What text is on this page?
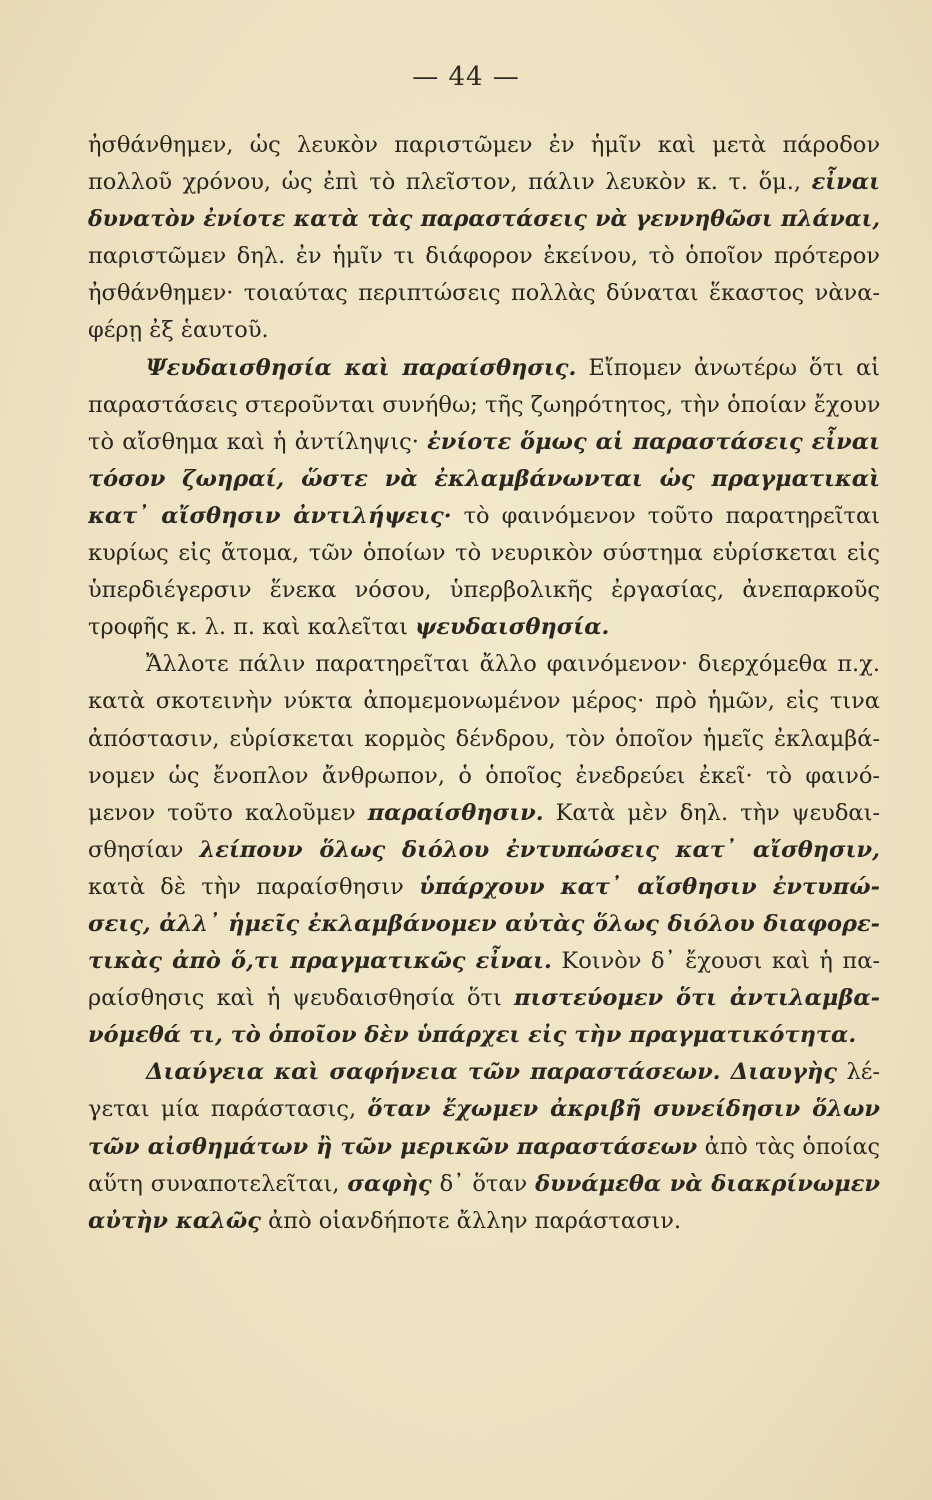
— 44 —
ἠσθάνθημεν, ὡς λευκὸν παριστῶμεν ἐν ἡμῖν καὶ μετὰ πάροδον
πολλοῦ χρόνου, ὡς ἐπὶ τὸ πλεῖστον, πάλιν λευκὸν κ. τ. ὅμ., εἶναι
δυνατὸν ἐνίοτε κατὰ τὰς παραστάσεις νὰ γεννηθῶσι πλάναι,
παριστῶμεν δηλ. ἐν ἡμῖν τι διάφορον ἐκείνου, τὸ ὁποῖον πρότερον
ἠσθάνθημεν· τοιαύτας περιπτώσεις πολλὰς δύναται ἕκαστος νὰνα-
φέρῃ ἐξ ἑαυτοῦ.
Ψευδαισθησία καὶ παραίσθησις. Εἴπομεν ἀνωτέρω ὅτι αἱ
παραστάσεις στεροῦνται συνήθω; τῆς ζωηρότητος, τὴν ὁποίαν ἔχουν
τὸ αἴσθημα καὶ ἡ ἀντίληψις· ἐνίοτε ὅμως αἱ παραστάσεις εἶναι
τόσον ζωηραί, ὥστε νὰ ἐκλαμβάνωνται ὡς πραγματικαὶ
κατ᾽ αἴσθησιν ἀντιλήψεις· τὸ φαινόμενον τοῦτο παρατηρεῖται
κυρίως εἰς ἄτομα, τῶν ὁποίων τὸ νευρικὸν σύστημα εὑρίσκεται εἰς
ὑπερδιέγερσιν ἕνεκα νόσου, ὑπερβολικῆς ἐργασίας, ἀνεπαρκοῦς
τροφῆς κ. λ. π. καὶ καλεῖται ψευδαισθησία.
Ἄλλοτε πάλιν παρατηρεῖται ἄλλο φαινόμενον· διερχόμεθα π.χ.
κατὰ σκοτεινὴν νύκτα ἀπομεμονωμένον μέρος· πρὸ ἡμῶν, εἰς τινα
ἀπόστασιν, εὑρίσκεται κορμὸς δένδρου, τὸν ὁποῖον ἡμεῖς ἐκλαμβά-
νομεν ὡς ἔνοπλον ἄνθρωπον, ὁ ὁποῖος ἐνεδρεύει ἐκεῖ· τὸ φαινό-
μενον τοῦτο καλοῦμεν παραίσθησιν. Κατὰ μὲν δηλ. τὴν ψευδαι-
σθησίαν λείπουν ὅλως διόλου ἐντυπώσεις κατ᾽ αἴσθησιν,
κατὰ δὲ τὴν παραίσθησιν ὑπάρχουν κατ᾽ αἴσθησιν ἐντυπώ-
σεις, ἀλλ᾽ ἡμεῖς ἐκλαμβάνομεν αὐτὰς ὅλως διόλου διαφορε-
τικὰς ἀπὸ ὅ,τι πραγματικῶς εἶναι. Κοινὸν δ᾽ ἔχουσι καὶ ἡ πα-
ραίσθησις καὶ ἡ ψευδαισθησία ὅτι πιστεύομεν ὅτι ἀντιλαμβα-
νόμεθά τι, τὸ ὁποῖον δὲν ὑπάρχει εἰς τὴν πραγματικότητα.
Διαύγεια καὶ σαφήνεια τῶν παραστάσεων. Διαυγὴς λέ-
γεται μία παράστασις, ὅταν ἔχωμεν ἀκριβῆ συνείδησιν ὅλων
τῶν αἰσθημάτων ἢ τῶν μερικῶν παραστάσεων ἀπὸ τὰς ὁποίας
αὕτη συναποτελεῖται, σαφὴς δ᾽ ὅταν δυνάμεθα νὰ διακρίνωμεν
αὐτὴν καλῶς ἀπὸ οἱανδήποτε ἄλλην παράστασιν.
